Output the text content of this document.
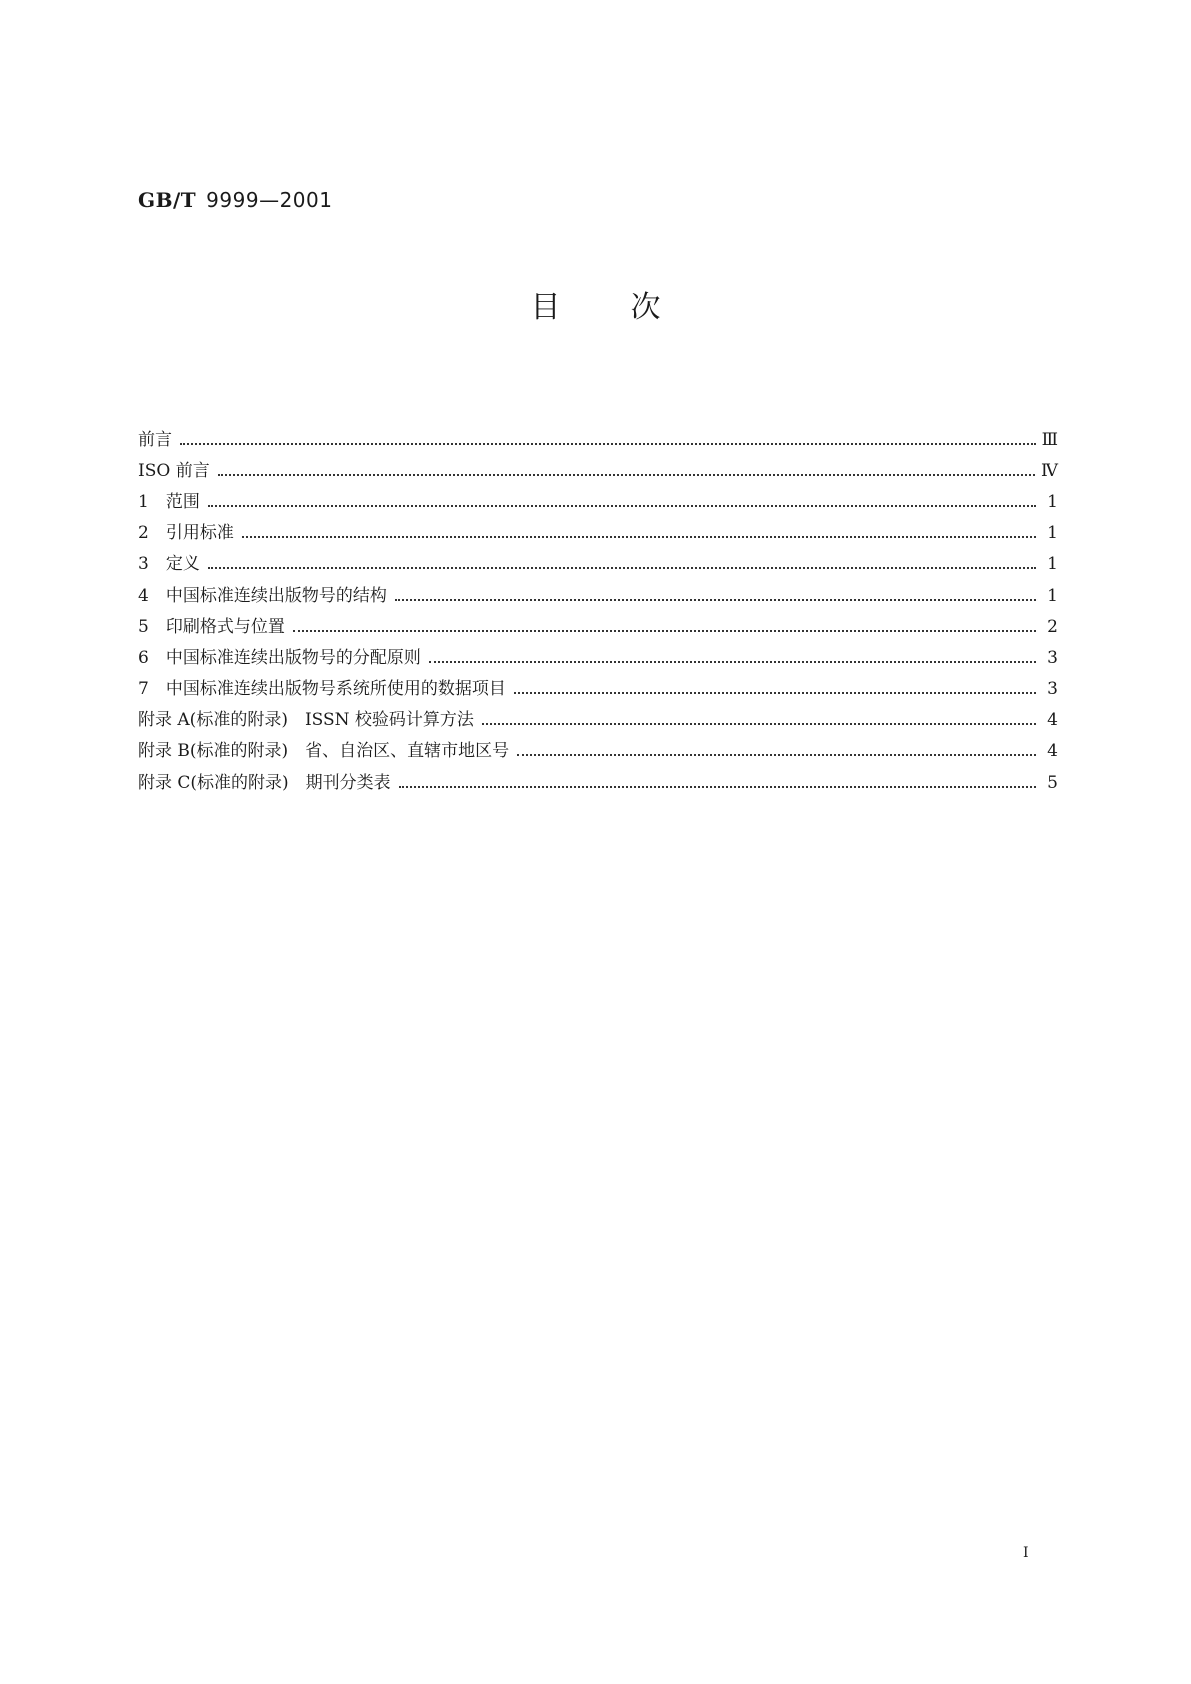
GB/T 9999—2001
目次
前言	Ⅲ
ISO 前言	Ⅳ
1　范围	1
2　引用标准	1
3　定义	1
4　中国标准连续出版物号的结构	1
5　印刷格式与位置	2
6　中国标准连续出版物号的分配原则	3
7　中国标准连续出版物号系统所使用的数据项目	3
附录 A(标准的附录)　ISSN 校验码计算方法	4
附录 B(标准的附录)　省、自治区、直辖市地区号	4
附录 C(标准的附录)　期刊分类表	5
Ⅰ
